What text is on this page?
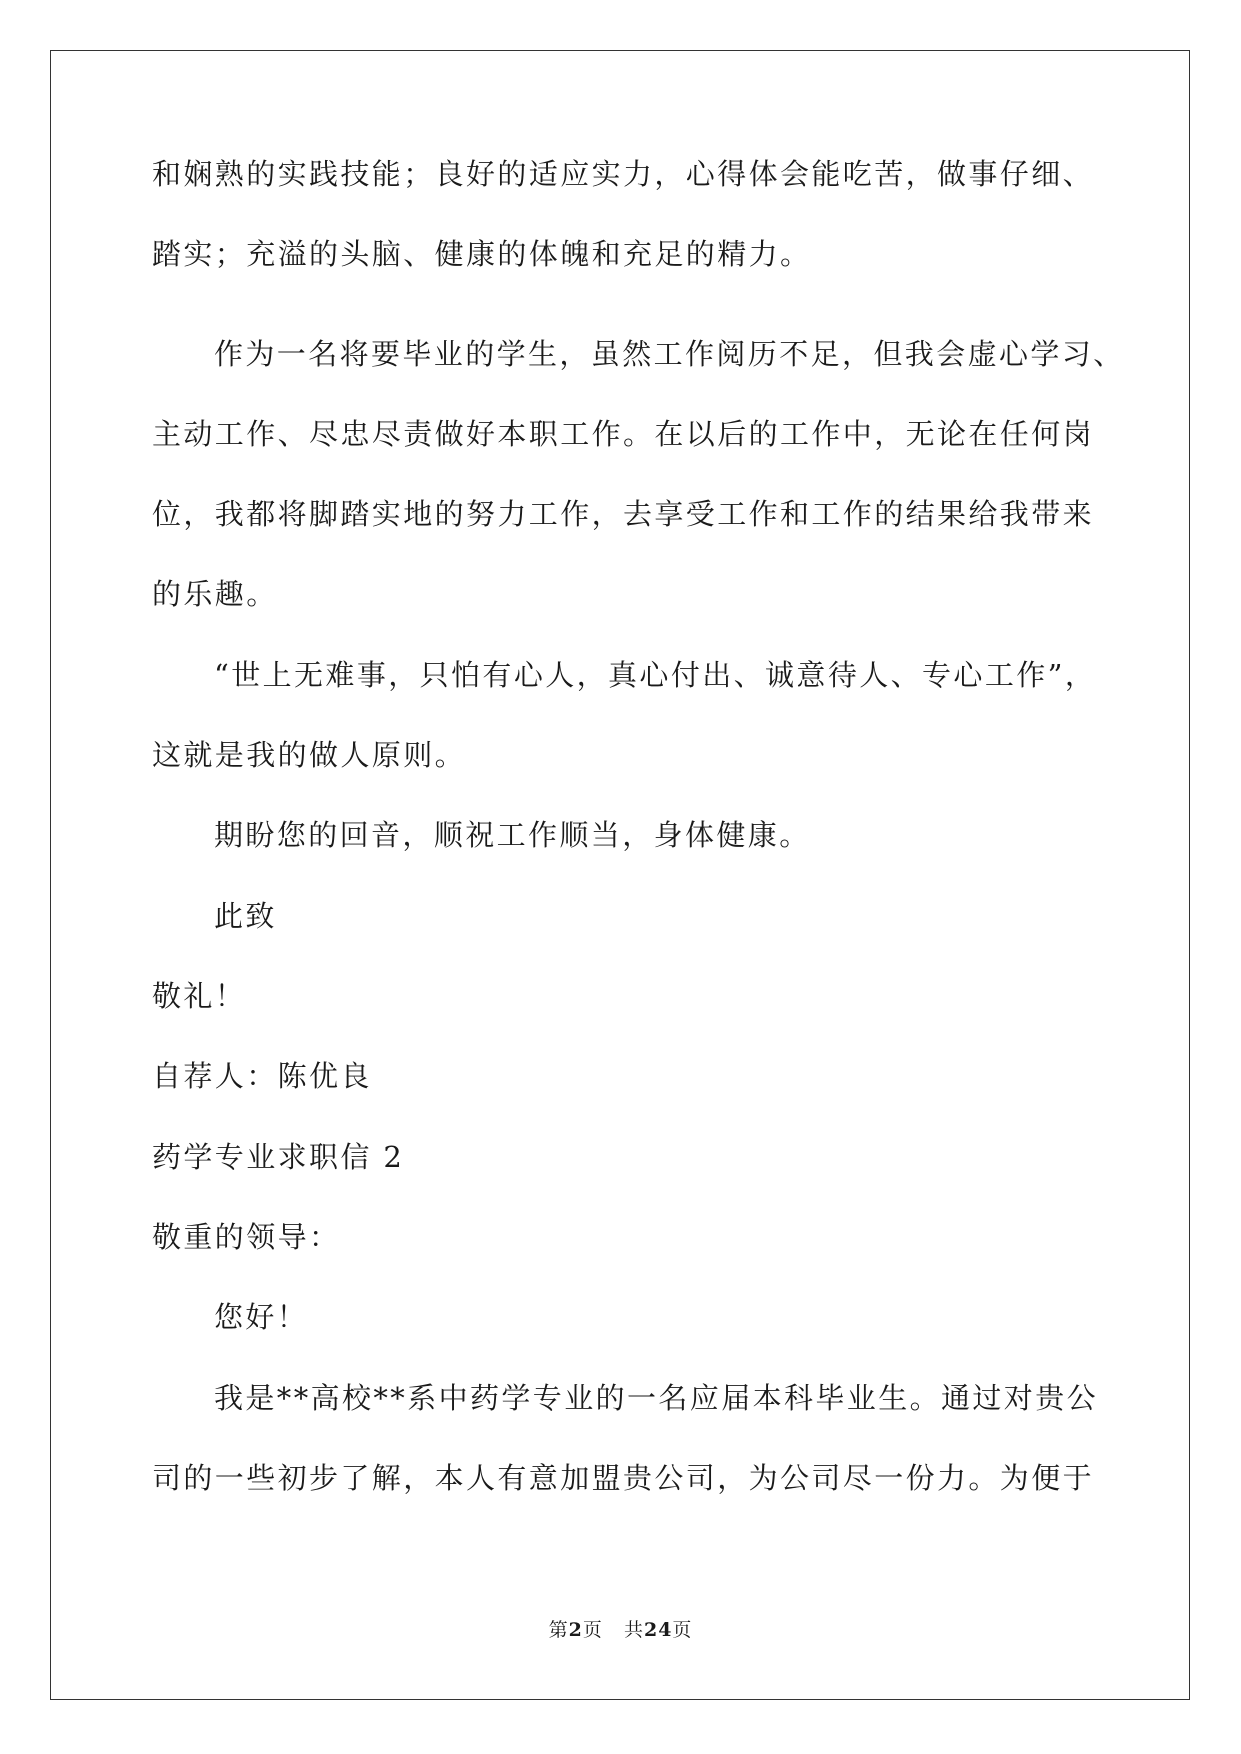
和娴熟的实践技能；良好的适应实力，心得体会能吃苦，做事仔细、
踏实；充溢的头脑、健康的体魄和充足的精力。
作为一名将要毕业的学生，虽然工作阅历不足，但我会虚心学习、
主动工作、尽忠尽责做好本职工作。在以后的工作中，无论在任何岗
位，我都将脚踏实地的努力工作，去享受工作和工作的结果给我带来
的乐趣。
“世上无难事，只怕有心人，真心付出、诚意待人、专心工作”，
这就是我的做人原则。
期盼您的回音，顺祝工作顺当，身体健康。
此致
敬礼！
自荐人：陈优良
药学专业求职信 2
敬重的领导：
您好！
我是**高校**系中药学专业的一名应届本科毕业生。通过对贵公
司的一些初步了解，本人有意加盟贵公司，为公司尽一份力。为便于
第2页 共24页
